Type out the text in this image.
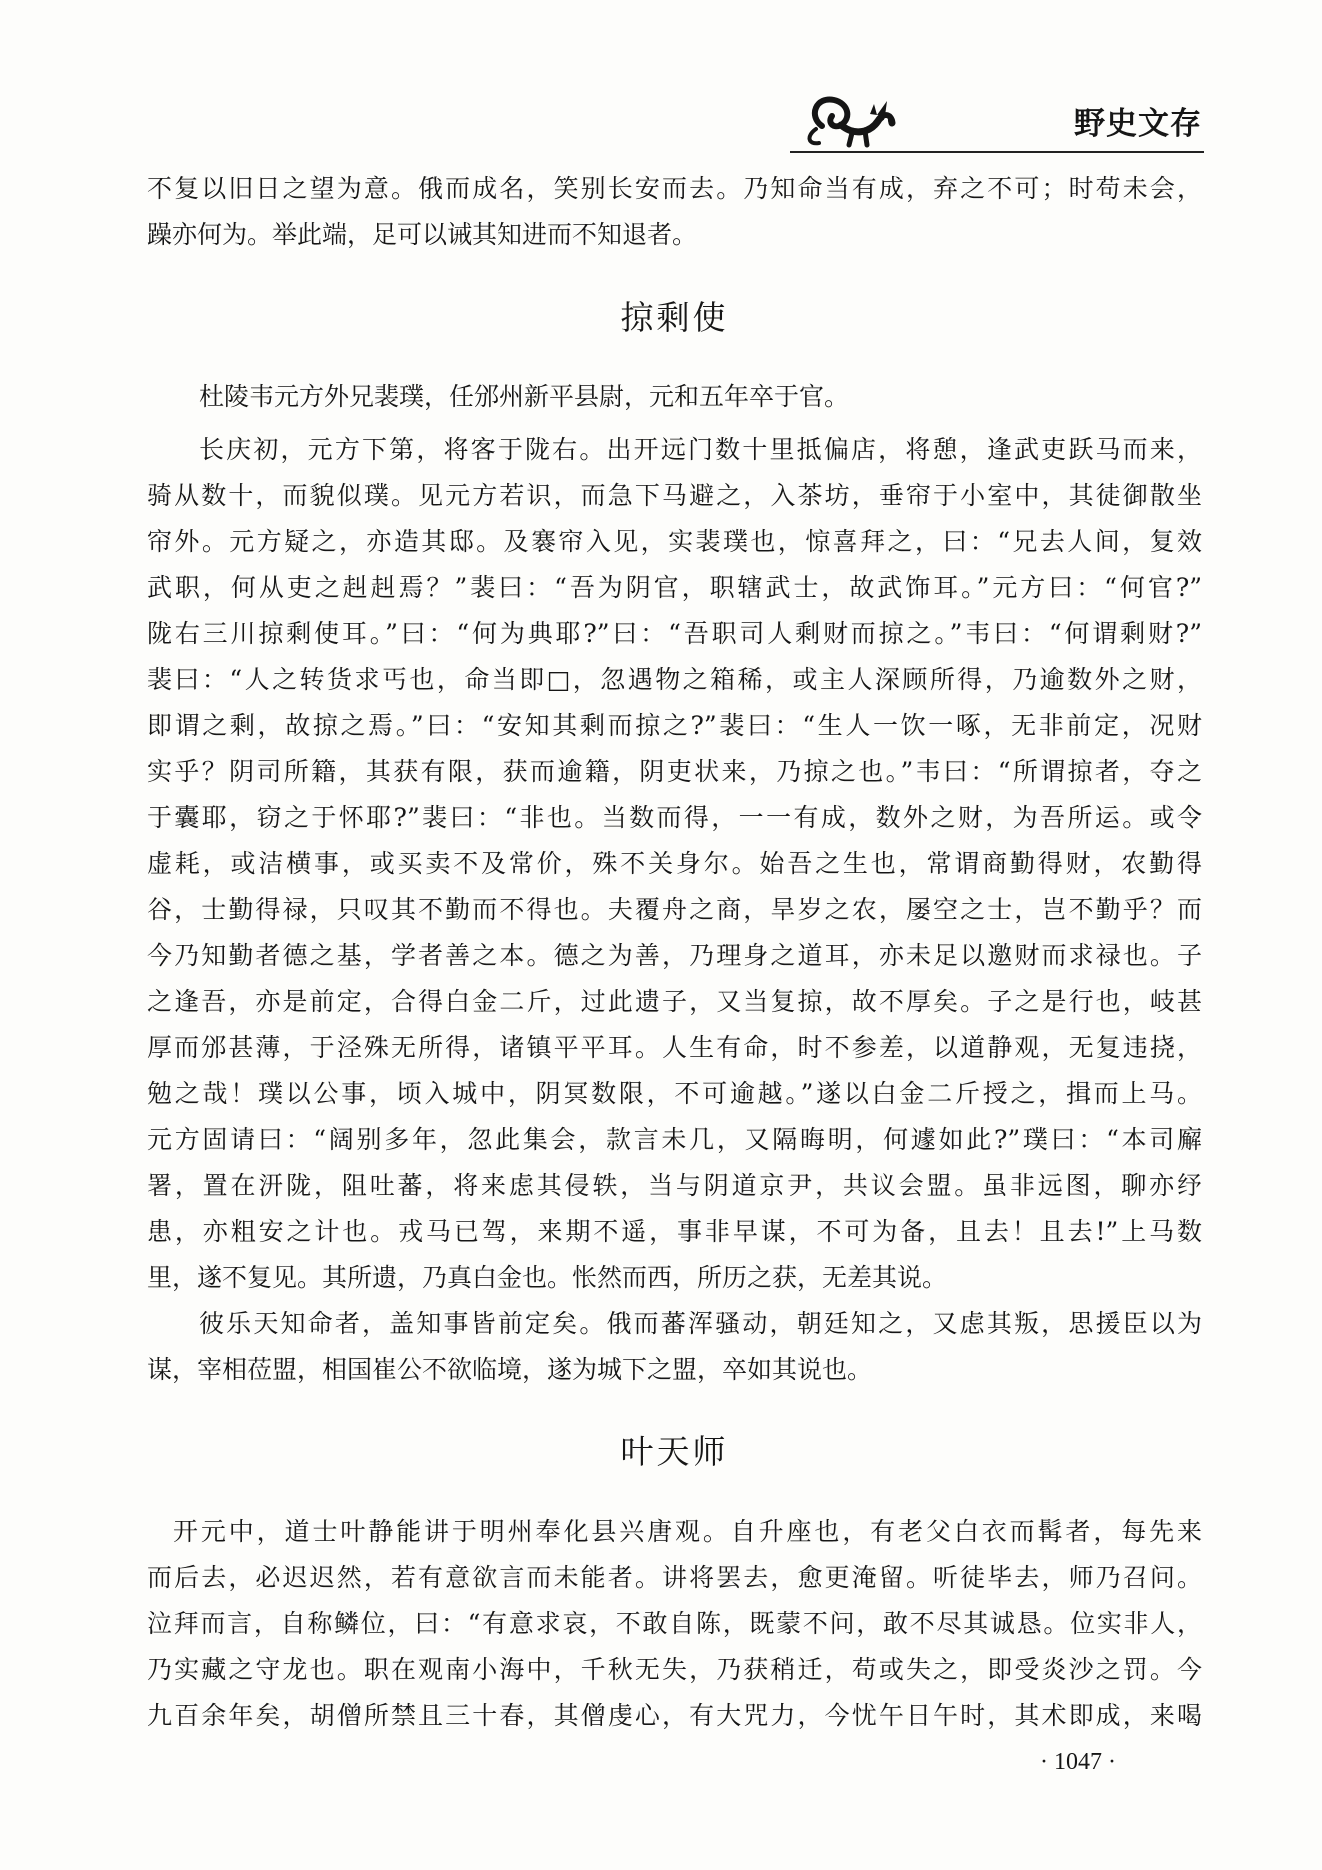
野史文存
不复以旧日之望为意。俄而成名，笑别长安而去。乃知命当有成，弃之不可；时苟未会，
躁亦何为。举此端，足可以诫其知进而不知退者。
掠剩使
杜陵韦元方外兄裴璞，任邠州新平县尉，元和五年卒于官。
长庆初，元方下第，将客于陇右。出开远门数十里抵偏店，将憩，逢武吏跃马而来，
骑从数十，而貌似璞。见元方若识，而急下马避之，入茶坊，垂帘于小室中，其徒御散坐
帘外。元方疑之，亦造其邸。及褰帘入见，实裴璞也，惊喜拜之，曰：“兄去人间，复效
武职，何从吏之赳赳焉？”裴曰：“吾为阴官，职辖武士，故武饰耳。”元方曰：“何官?”
陇右三川掠剩使耳。”曰：“何为典耶?”曰：“吾职司人剩财而掠之。”韦曰：“何谓剩财?”
裴曰：“人之转货求丐也，命当即□，忽遇物之箱稀，或主人深顾所得，乃逾数外之财，
即谓之剩，故掠之焉。”曰：“安知其剩而掠之?”裴曰：“生人一饮一啄，无非前定，况财
实乎？阴司所籍，其获有限，获而逾籍，阴吏状来，乃掠之也。”韦曰：“所谓掠者，夺之
于囊耶，窃之于怀耶?”裴曰：“非也。当数而得，一一有成，数外之财，为吾所运。或令
虚耗，或洁横事，或买卖不及常价，殊不关身尔。始吾之生也，常谓商勤得财，农勤得
谷，士勤得禄，只叹其不勤而不得也。夫覆舟之商，旱岁之农，屡空之士，岂不勤乎？而
今乃知勤者德之基，学者善之本。德之为善，乃理身之道耳，亦未足以邀财而求禄也。子
之逢吾，亦是前定，合得白金二斤，过此遗子，又当复掠，故不厚矣。子之是行也，岐甚
厚而邠甚薄，于泾殊无所得，诸镇平平耳。人生有命，时不参差，以道静观，无复违挠，
勉之哉！璞以公事，顷入城中，阴冥数限，不可逾越。”遂以白金二斤授之，揖而上马。
元方固请曰：“阔别多年，忽此集会，款言未几，又隔晦明，何遽如此?”璞曰：“本司廨
署，置在汧陇，阻吐蕃，将来虑其侵轶，当与阴道京尹，共议会盟。虽非远图，聊亦纾
患，亦粗安之计也。戎马已驾，来期不遥，事非早谋，不可为备，且去！且去!”上马数
里，遂不复见。其所遗，乃真白金也。怅然而西，所历之获，无差其说。
彼乐天知命者，盖知事皆前定矣。俄而蕃浑骚动，朝廷知之，又虑其叛，思援臣以为
谋，宰相莅盟，相国崔公不欲临境，遂为城下之盟，卒如其说也。
叶天师
开元中，道士叶静能讲于明州奉化县兴唐观。自升座也，有老父白衣而髯者，每先来
而后去，必迟迟然，若有意欲言而未能者。讲将罢去，愈更淹留。听徒毕去，师乃召问。
泣拜而言，自称鳞位，曰：“有意求哀，不敢自陈，既蒙不问，敢不尽其诚恳。位实非人，
乃实藏之守龙也。职在观南小海中，千秋无失，乃获稍迁，苟或失之，即受炎沙之罚。今
九百余年矣，胡僧所禁且三十春，其僧虔心，有大咒力，今忧午日午时，其术即成，来喝
· 1047 ·
